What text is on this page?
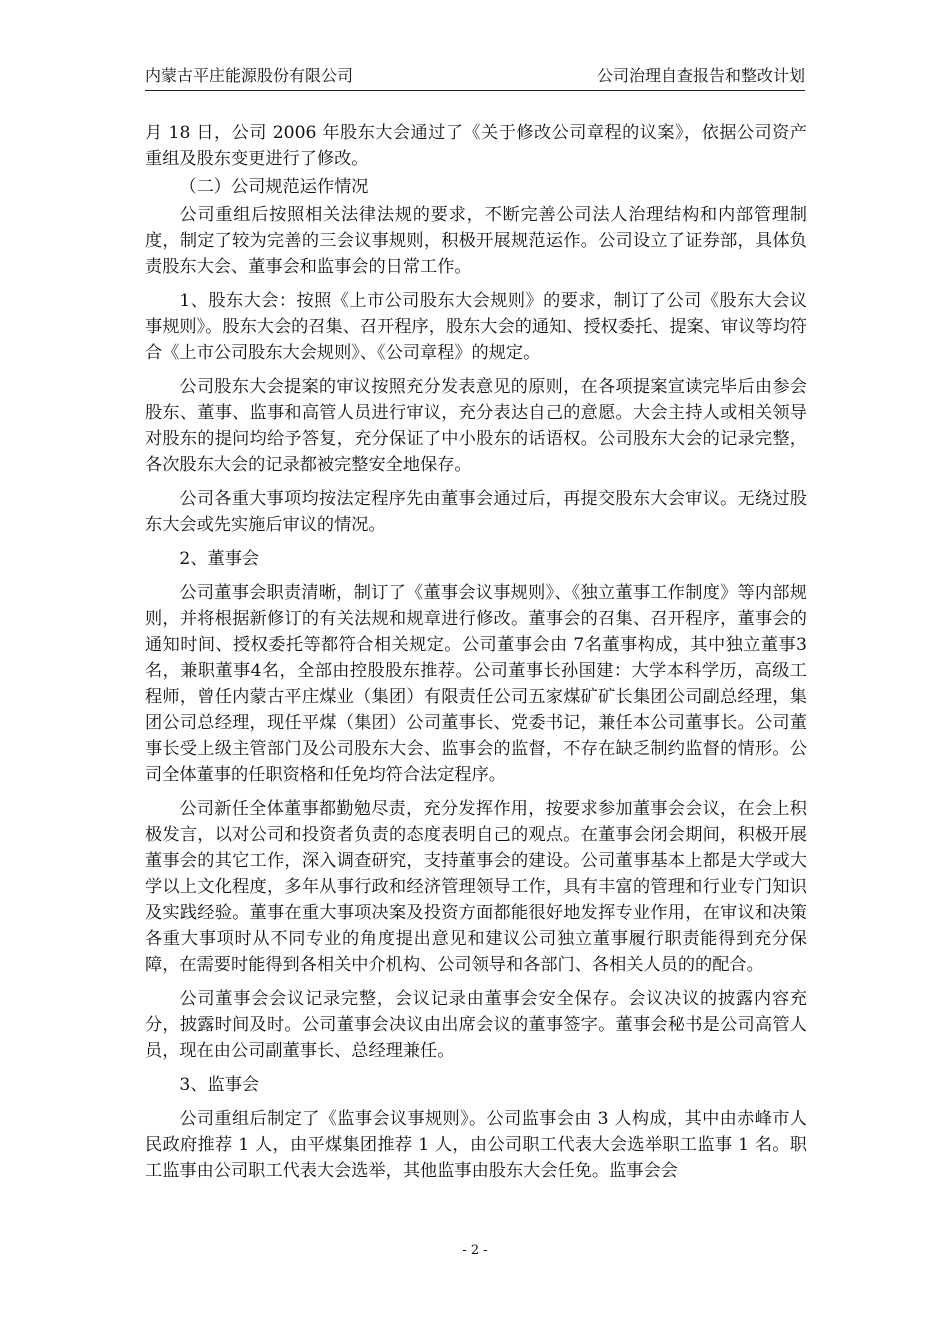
内蒙古平庄能源股份有限公司	公司治理自查报告和整改计划

月 18 日，公司 2006 年股东大会通过了《关于修改公司章程的议案》，依据公司资产重组及股东变更进行了修改。

（二）公司规范运作情况

公司重组后按照相关法律法规的要求，不断完善公司法人治理结构和内部管理制度，制定了较为完善的三会议事规则，积极开展规范运作。公司设立了证券部，具体负责股东大会、董事会和监事会的日常工作。

1、股东大会：按照《上市公司股东大会规则》的要求，制订了公司《股东大会议事规则》。股东大会的召集、召开程序，股东大会的通知、授权委托、提案、审议等均符合《上市公司股东大会规则》、《公司章程》的规定。

公司股东大会提案的审议按照充分发表意见的原则，在各项提案宣读完毕后由参会股东、董事、监事和高管人员进行审议，充分表达自己的意愿。大会主持人或相关领导对股东的提问均给予答复，充分保证了中小股东的话语权。公司股东大会的记录完整，各次股东大会的记录都被完整安全地保存。

公司各重大事项均按法定程序先由董事会通过后，再提交股东大会审议。无绕过股东大会或先实施后审议的情况。

2、董事会

公司董事会职责清晰，制订了《董事会议事规则》、《独立董事工作制度》等内部规则，并将根据新修订的有关法规和规章进行修改。董事会的召集、召开程序，董事会的通知时间、授权委托等都符合相关规定。公司董事会由 7名董事构成，其中独立董事3名，兼职董事4名，全部由控股股东推荐。公司董事长孙国建：大学本科学历，高级工程师，曾任内蒙古平庄煤业（集团）有限责任公司五家煤矿矿长集团公司副总经理，集团公司总经理，现任平煤（集团）公司董事长、党委书记，兼任本公司董事长。公司董事长受上级主管部门及公司股东大会、监事会的监督，不存在缺乏制约监督的情形。公司全体董事的任职资格和任免均符合法定程序。

公司新任全体董事都勤勉尽责，充分发挥作用，按要求参加董事会会议，在会上积极发言，以对公司和投资者负责的态度表明自己的观点。在董事会闭会期间，积极开展董事会的其它工作，深入调查研究，支持董事会的建设。公司董事基本上都是大学或大学以上文化程度，多年从事行政和经济管理领导工作，具有丰富的管理和行业专门知识及实践经验。董事在重大事项决案及投资方面都能很好地发挥专业作用，在审议和决策各重大事项时从不同专业的角度提出意见和建议公司独立董事履行职责能得到充分保障，在需要时能得到各相关中介机构、公司领导和各部门、各相关人员的的配合。

公司董事会会议记录完整，会议记录由董事会安全保存。会议决议的披露内容充分，披露时间及时。公司董事会决议由出席会议的董事签字。董事会秘书是公司高管人员，现在由公司副董事长、总经理兼任。

3、监事会

公司重组后制定了《监事会议事规则》。公司监事会由 3 人构成，其中由赤峰市人民政府推荐 1 人，由平煤集团推荐 1 人，由公司职工代表大会选举职工监事 1 名。职工监事由公司职工代表大会选举，其他监事由股东大会任免。监事会会

- 2 -
